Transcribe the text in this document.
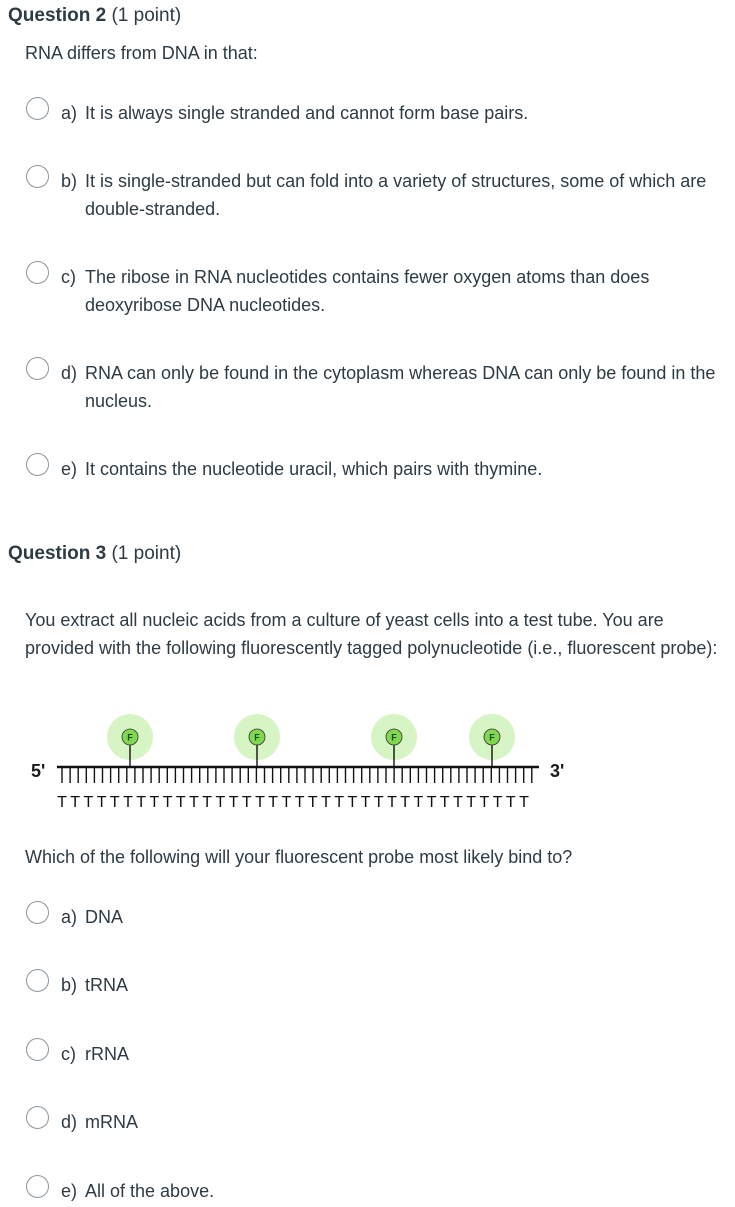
Question 2 (1 point)
RNA differs from DNA in that:
a) It is always single stranded and cannot form base pairs.
b) It is single-stranded but can fold into a variety of structures, some of which are double-stranded.
c) The ribose in RNA nucleotides contains fewer oxygen atoms than does deoxyribose DNA nucleotides.
d) RNA can only be found in the cytoplasm whereas DNA can only be found in the nucleus.
e) It contains the nucleotide uracil, which pairs with thymine.
Question 3 (1 point)
You extract all nucleic acids from a culture of yeast cells into a test tube. You are provided with the following fluorescently tagged polynucleotide (i.e., fluorescent probe):
5'	3'
T T T T T T T T T T T T T T T T T T T T T T T T T T T T T T T T T T T T
F	F	F	F
Which of the following will your fluorescent probe most likely bind to?
a) DNA
b) tRNA
c) rRNA
d) mRNA
e) All of the above.
